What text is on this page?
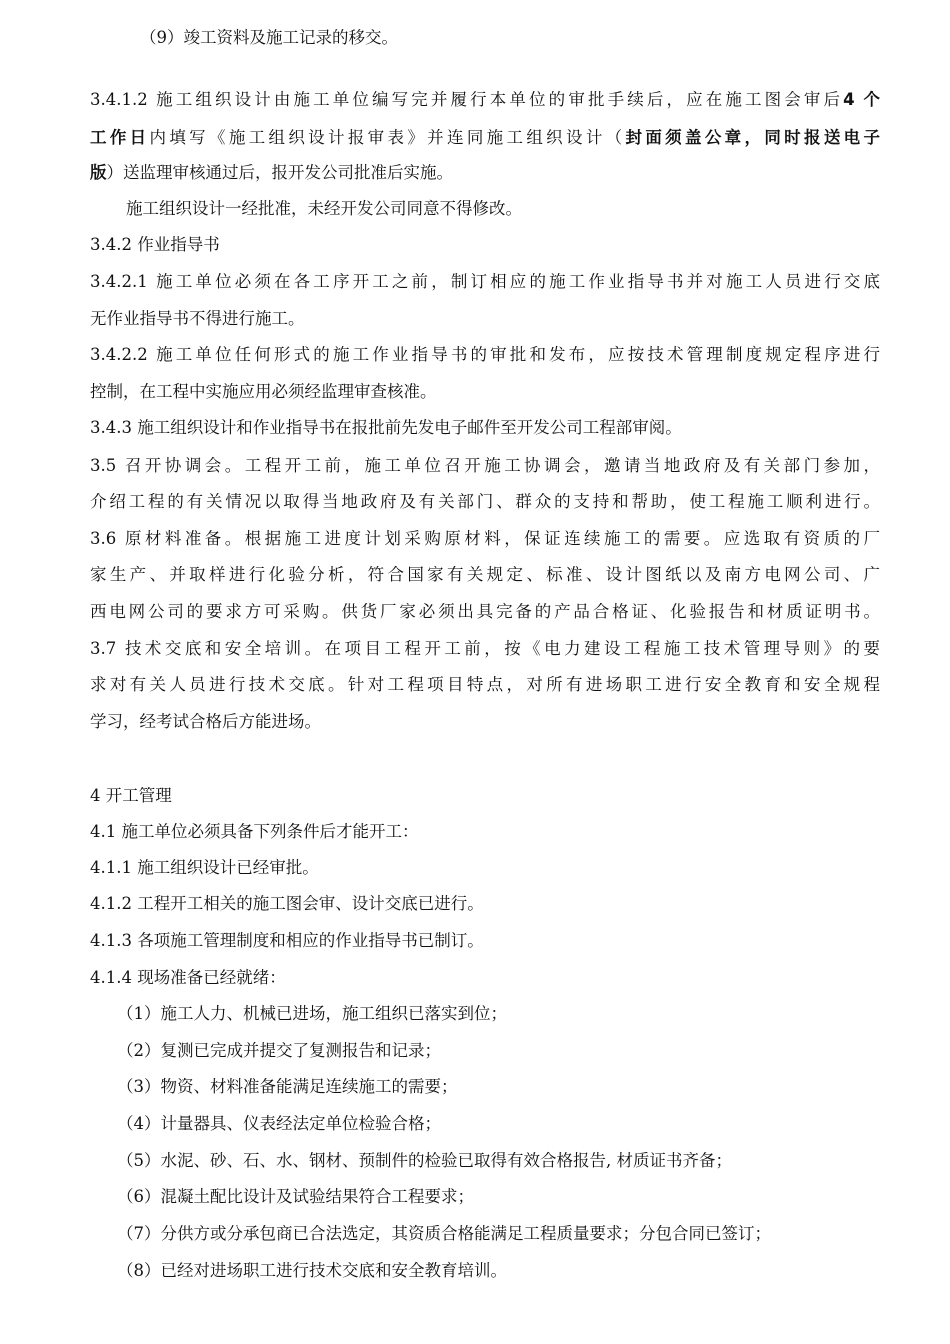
（9）竣工资料及施工记录的移交。
3.4.1.2 施工组织设计由施工单位编写完并履行本单位的审批手续后，应在施工图会审后4 个
工作日内填写《施工组织设计报审表》并连同施工组织设计（封面须盖公章，同时报送电子
版）送监理审核通过后，报开发公司批准后实施。
施工组织设计一经批准，未经开发公司同意不得修改。
3.4.2 作业指导书
3.4.2.1 施工单位必须在各工序开工之前，制订相应的施工作业指导书并对施工人员进行交底
无作业指导书不得进行施工。
3.4.2.2 施工单位任何形式的施工作业指导书的审批和发布，应按技术管理制度规定程序进行
控制，在工程中实施应用必须经监理审查核准。
3.4.3 施工组织设计和作业指导书在报批前先发电子邮件至开发公司工程部审阅。
3.5 召开协调会。工程开工前，施工单位召开施工协调会，邀请当地政府及有关部门参加，
介绍工程的有关情况以取得当地政府及有关部门、群众的支持和帮助，使工程施工顺利进行。
3.6 原材料准备。根据施工进度计划采购原材料，保证连续施工的需要。应选取有资质的厂
家生产、并取样进行化验分析，符合国家有关规定、标准、设计图纸以及南方电网公司、广
西电网公司的要求方可采购。供货厂家必须出具完备的产品合格证、化验报告和材质证明书。
3.7 技术交底和安全培训。在项目工程开工前，按《电力建设工程施工技术管理导则》的要
求对有关人员进行技术交底。针对工程项目特点，对所有进场职工进行安全教育和安全规程
学习，经考试合格后方能进场。
4 开工管理
4.1 施工单位必须具备下列条件后才能开工：
4.1.1 施工组织设计已经审批。
4.1.2 工程开工相关的施工图会审、设计交底已进行。
4.1.3 各项施工管理制度和相应的作业指导书已制订。
4.1.4 现场准备已经就绪：
（1）施工人力、机械已进场，施工组织已落实到位；
（2）复测已完成并提交了复测报告和记录；
（3）物资、材料准备能满足连续施工的需要；
（4）计量器具、仪表经法定单位检验合格；
（5）水泥、砂、石、水、钢材、预制件的检验已取得有效合格报告, 材质证书齐备；
（6）混凝土配比设计及试验结果符合工程要求；
（7）分供方或分承包商已合法选定，其资质合格能满足工程质量要求；分包合同已签订；
（8）已经对进场职工进行技术交底和安全教育培训。
